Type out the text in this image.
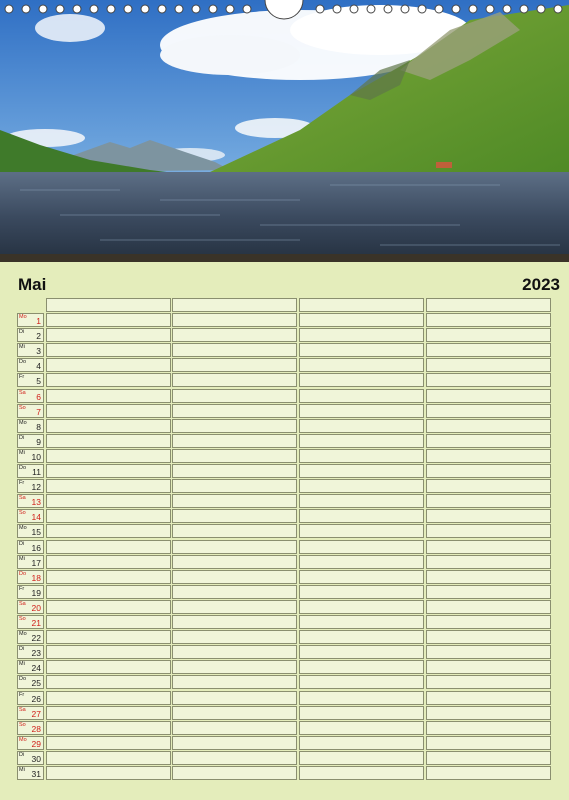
Mai	2023
Mo 1
Di 2
Mi 3
Do 4
Fr 5
Sa 6
So 7
Mo 8
Di 9
Mi 10
Do 11
Fr 12
Sa 13
So 14
Mo 15
Di 16
Mi 17
Do 18
Fr 19
Sa 20
So 21
Mo 22
Di 23
Mi 24
Do 25
Fr 26
Sa 27
So 28
Mo 29
Di 30
Mi 31
